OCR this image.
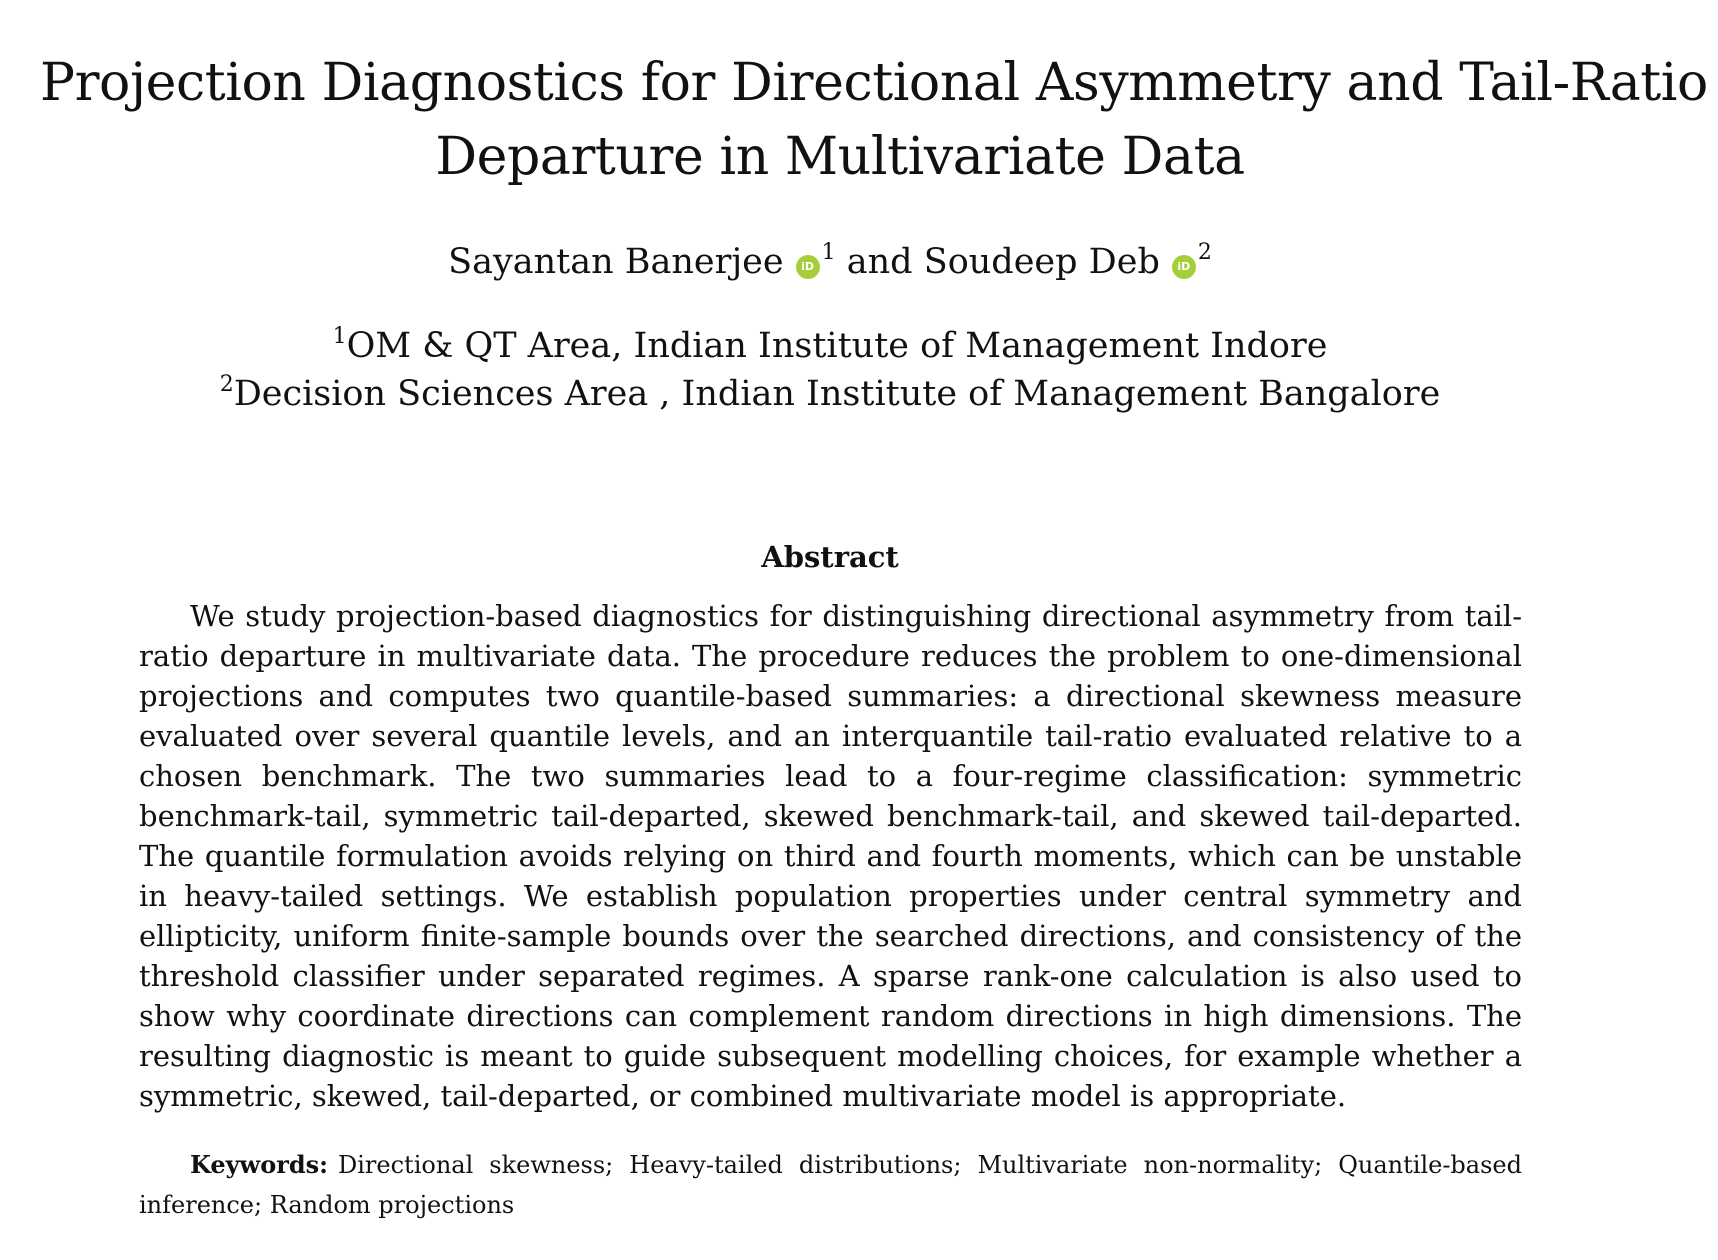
Projection Diagnostics for Directional Asymmetry and Tail-Ratio
Departure in Multivariate Data
Sayantan Banerjee $iD^1$ and Soudeep Deb $iD^2$
$^1$OM & QT Area, Indian Institute of Management Indore
$^2$Decision Sciences Area , Indian Institute of Management Bangalore
Abstract

We study projection-based diagnostics for distinguishing directional asymmetry from tail-ratio departure in multivariate data. The procedure reduces the problem to one-dimensional projections and computes two quantile-based summaries: a directional skewness measure evaluated over several quantile levels, and an interquantile tail-ratio evaluated relative to a chosen benchmark. The two summaries lead to a four-regime classification: symmetric benchmark-tail, symmetric tail-departed, skewed benchmark-tail, and skewed tail-departed. The quantile formulation avoids relying on third and fourth moments, which can be unstable in heavy-tailed settings. We establish population properties under central symmetry and ellipticity, uniform finite-sample bounds over the searched directions, and consistency of the threshold classifier under separated regimes. A sparse rank-one calculation is also used to show why coordinate directions can complement random directions in high dimensions. The resulting diagnostic is meant to guide subsequent modelling choices, for example whether a symmetric, skewed, tail-departed, or combined multivariate model is appropriate.

Keywords: Directional skewness; Heavy-tailed distributions; Multivariate non-normality; Quantile-based inference; Random projections
